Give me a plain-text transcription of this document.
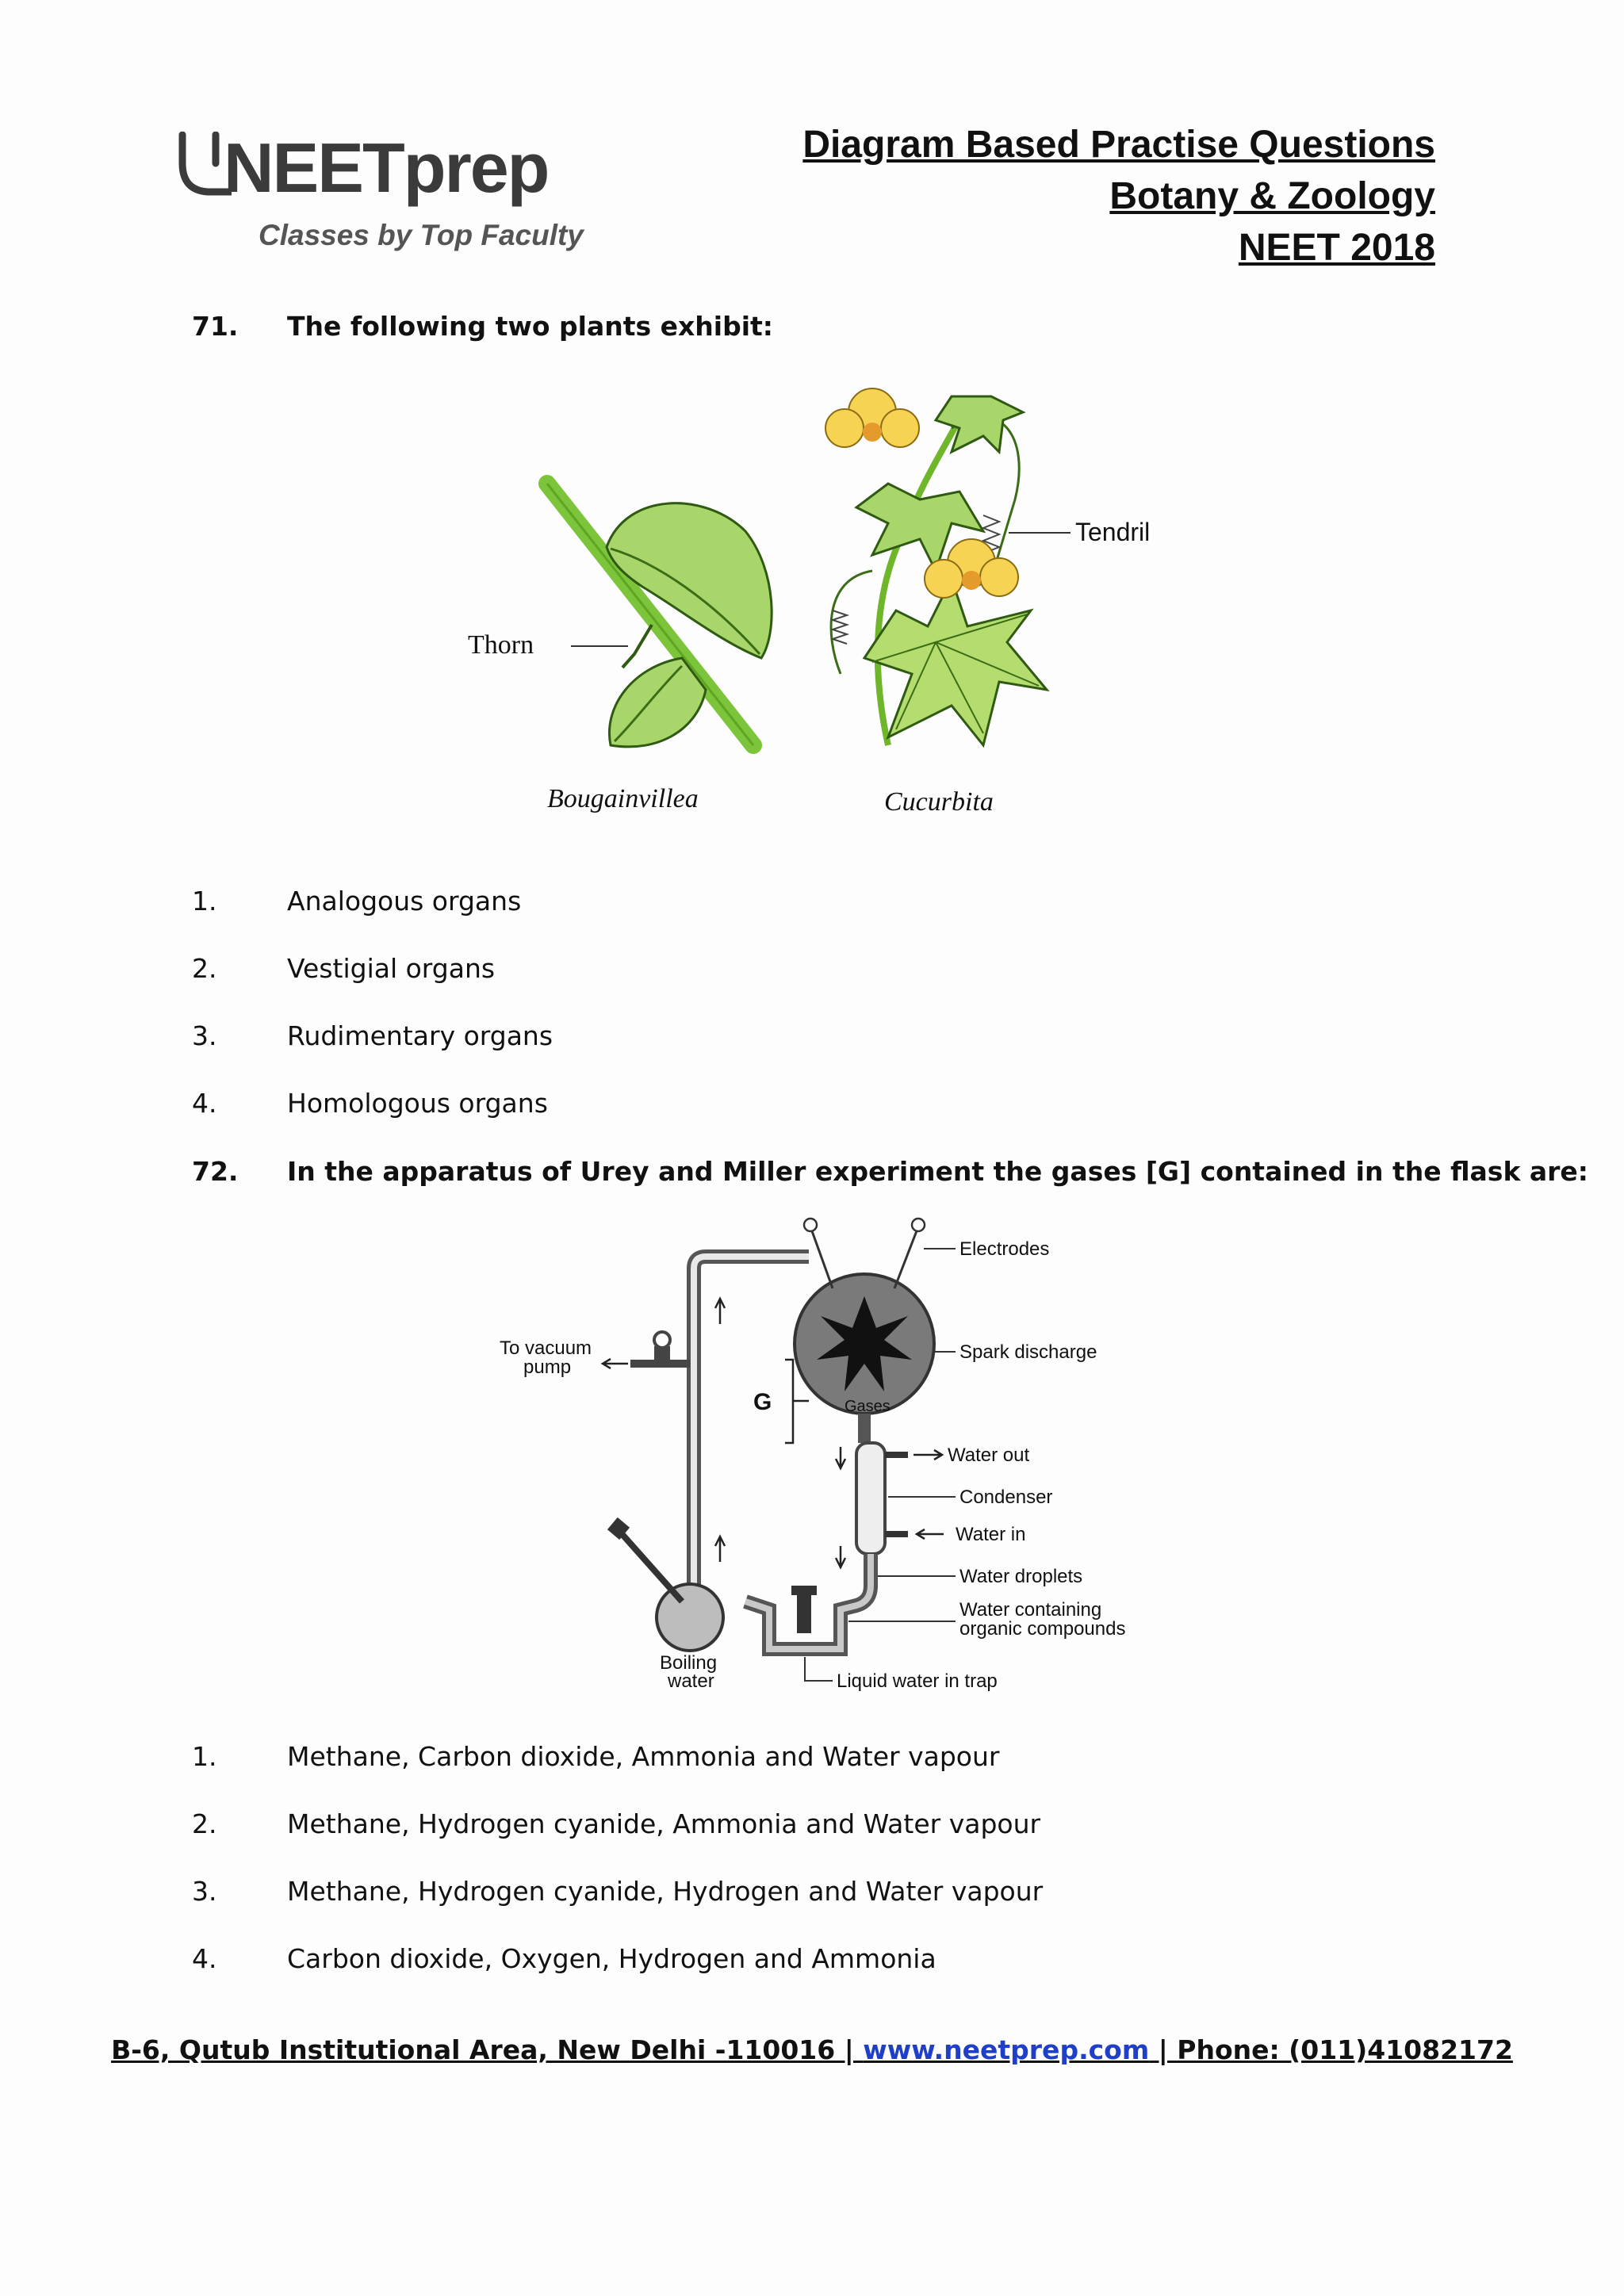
NEETprep
Classes by Top Faculty
Diagram Based Practise Questions
Botany & Zoology
NEET 2018
71. The following two plants exhibit:
Thorn
Bougainvillea
Tendril
Cucurbita
1.	Analogous organs
2.	Vestigial organs
3.	Rudimentary organs
4.	Homologous organs
72. In the apparatus of Urey and Miller experiment the gases [G] contained in the flask are:
To vacuum
pump
Electrodes
Spark discharge
G	Gases
Water out
Condenser
Water in
Water droplets
Water containing
organic compounds
Liquid water in trap
Boiling
water
1.	Methane, Carbon dioxide, Ammonia and Water vapour
2.	Methane, Hydrogen cyanide, Ammonia and Water vapour
3.	Methane, Hydrogen cyanide, Hydrogen and Water vapour
4.	Carbon dioxide, Oxygen, Hydrogen and Ammonia
B-6, Qutub Institutional Area, New Delhi -110016 | www.neetprep.com | Phone: (011)41082172
